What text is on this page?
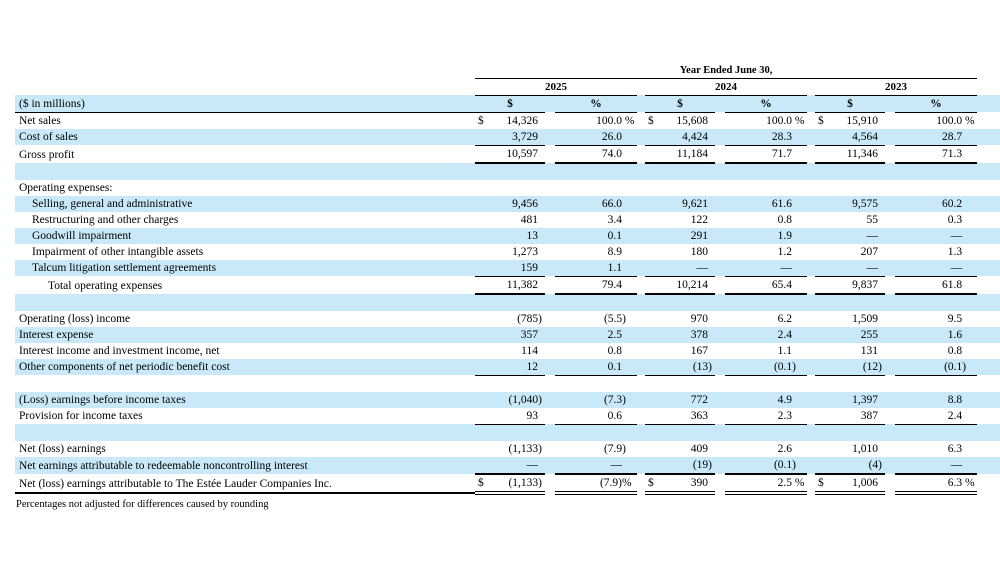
	Year Ended June 30,											
	2025				2024				2023			
($ in millions)	$		%		$		%		$		%	
Net sales	$ 14,326		100.0 %		$ 15,608		100.0 %		$ 15,910		100.0 %	
Cost of sales	3,729		26.0		4,424		28.3		4,564		28.7	
Gross profit	10,597		74.0		11,184		71.7		11,346		71.3	

Operating expenses:												
Selling, general and administrative	9,456		66.0		9,621		61.6		9,575		60.2	
Restructuring and other charges	481		3.4		122		0.8		55		0.3	
Goodwill impairment	13		0.1		291		1.9		—		—	
Impairment of other intangible assets	1,273		8.9		180		1.2		207		1.3	
Talcum litigation settlement agreements	159		1.1		—		—		—		—	
Total operating expenses	11,382		79.4		10,214		65.4		9,837		61.8	

Operating (loss) income	(785)		(5.5)		970		6.2		1,509		9.5	
Interest expense	357		2.5		378		2.4		255		1.6	
Interest income and investment income, net	114		0.8		167		1.1		131		0.8	
Other components of net periodic benefit cost	12		0.1		(13)		(0.1)		(12)		(0.1)	

(Loss) earnings before income taxes	(1,040)		(7.3)		772		4.9		1,397		8.8	
Provision for income taxes	93		0.6		363		2.3		387		2.4	

Net (loss) earnings	(1,133)		(7.9)		409		2.6		1,010		6.3	
Net earnings attributable to redeemable noncontrolling interest	—		—		(19)		(0.1)		(4)		—	
Net (loss) earnings attributable to The Estée Lauder Companies Inc.	$ (1,133)		(7.9)%		$ 390		2.5 %		$ 1,006		6.3 %	
Percentages not adjusted for differences caused by rounding
